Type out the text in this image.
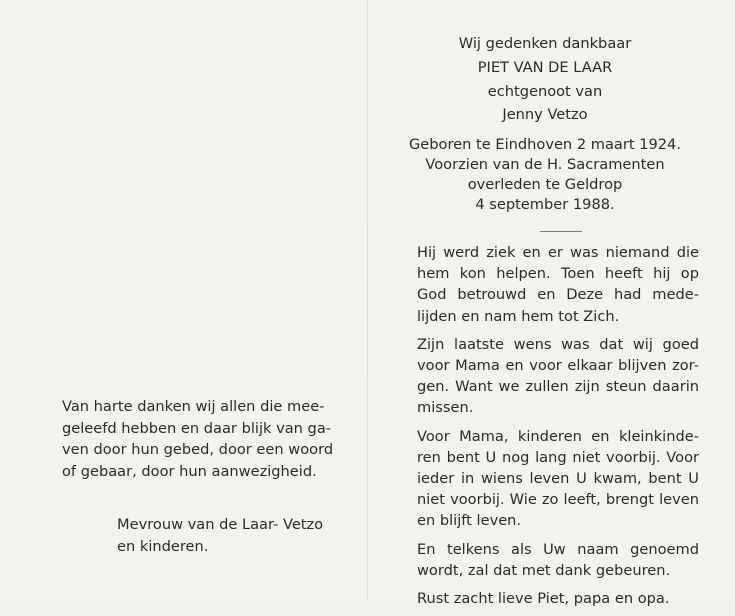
Van harte danken wij allen die mee-
geleefd hebben en daar blijk van ga-
ven door hun gebed, door een woord
of gebaar, door hun aanwezigheid.
Mevrouw van de Laar- Vetzo
en kinderen.
Wij gedenken dankbaar
PIET VAN DE LAAR
echtgenoot van
Jenny Vetzo
Geboren te Eindhoven 2 maart 1924.
Voorzien van de H. Sacramenten
overleden te Geldrop
4 september 1988.
Hij werd ziek en er was niemand die
hem kon helpen. Toen heeft hij op
God betrouwd en Deze had mede-
lijden en nam hem tot Zich.
Zijn laatste wens was dat wij goed
voor Mama en voor elkaar blijven zor-
gen. Want we zullen zijn steun daarin
missen.
Voor Mama, kinderen en kleinkinde-
ren bent U nog lang niet voorbij. Voor
ieder in wiens leven U kwam, bent U
niet voorbij. Wie zo leeft, brengt leven
en blijft leven.
En telkens als Uw naam genoemd
wordt, zal dat met dank gebeuren.
Rust zacht lieve Piet, papa en opa.
